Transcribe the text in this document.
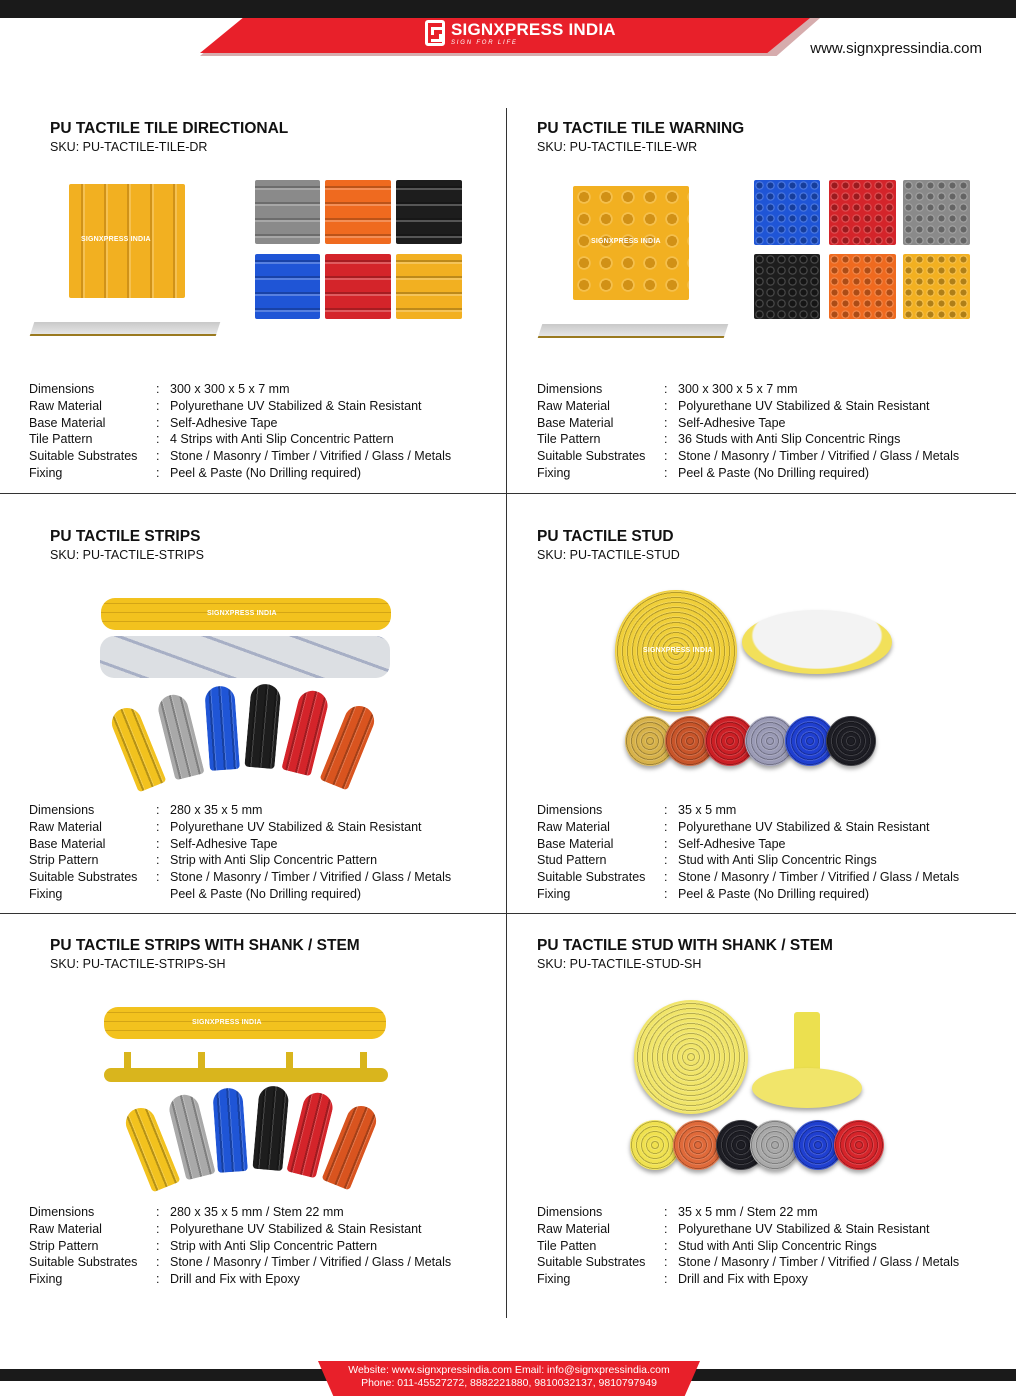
SIGNXPRESS INDIA
SIGN FOR LIFE	www.signxpressindia.com
PU TACTILE TILE DIRECTIONAL
SKU: PU-TACTILE-TILE-DR
SIGNXPRESS INDIA
Dimensions	: 300 x 300 x 5 x 7 mm
Raw Material	: Polyurethane UV Stabilized & Stain Resistant
Base Material	: Self-Adhesive Tape
Tile Pattern	: 4 Strips with Anti Slip Concentric Pattern
Suitable Substrates	: Stone / Masonry / Timber / Vitrified / Glass / Metals
Fixing	: Peel & Paste (No Drilling required)
PU TACTILE TILE WARNING
SKU: PU-TACTILE-TILE-WR
SIGNXPRESS INDIA
Dimensions	: 300 x 300 x 5 x 7 mm
Raw Material	: Polyurethane UV Stabilized & Stain Resistant
Base Material	: Self-Adhesive Tape
Tile Pattern	: 36 Studs with Anti Slip Concentric Rings
Suitable Substrates	: Stone / Masonry / Timber / Vitrified / Glass / Metals
Fixing	: Peel & Paste (No Drilling required)
PU TACTILE STRIPS
SKU: PU-TACTILE-STRIPS
SIGNXPRESS INDIA
Dimensions	: 280 x 35 x 5 mm
Raw Material	: Polyurethane UV Stabilized & Stain Resistant
Base Material	: Self-Adhesive Tape
Strip Pattern	: Strip with Anti Slip Concentric Pattern
Suitable Substrates	: Stone / Masonry / Timber / Vitrified / Glass / Metals
Fixing	Peel & Paste (No Drilling required)
PU TACTILE STUD
SKU: PU-TACTILE-STUD
SIGNXPRESS INDIA
Dimensions	: 35 x 5 mm
Raw Material	: Polyurethane UV Stabilized & Stain Resistant
Base Material	: Self-Adhesive Tape
Stud Pattern	: Stud with Anti Slip Concentric Rings
Suitable Substrates	: Stone / Masonry / Timber / Vitrified / Glass / Metals
Fixing	: Peel & Paste (No Drilling required)
PU TACTILE STRIPS WITH SHANK / STEM
SKU: PU-TACTILE-STRIPS-SH
SIGNXPRESS INDIA
Dimensions	: 280 x 35 x 5 mm / Stem 22 mm
Raw Material	: Polyurethane UV Stabilized & Stain Resistant
Strip Pattern	: Strip with Anti Slip Concentric Pattern
Suitable Substrates	: Stone / Masonry / Timber / Vitrified / Glass / Metals
Fixing	: Drill and Fix with Epoxy
PU TACTILE STUD WITH SHANK / STEM
SKU: PU-TACTILE-STUD-SH
Dimensions	: 35 x 5 mm / Stem 22 mm
Raw Material	: Polyurethane UV Stabilized & Stain Resistant
Tile Patten	: Stud with Anti Slip Concentric Rings
Suitable Substrates	: Stone / Masonry / Timber / Vitrified / Glass / Metals
Fixing	: Drill and Fix with Epoxy
Website: www.signxpressindia.com Email: info@signxpressindia.com
Phone: 011-45527272, 8882221880, 9810032137, 9810797949
